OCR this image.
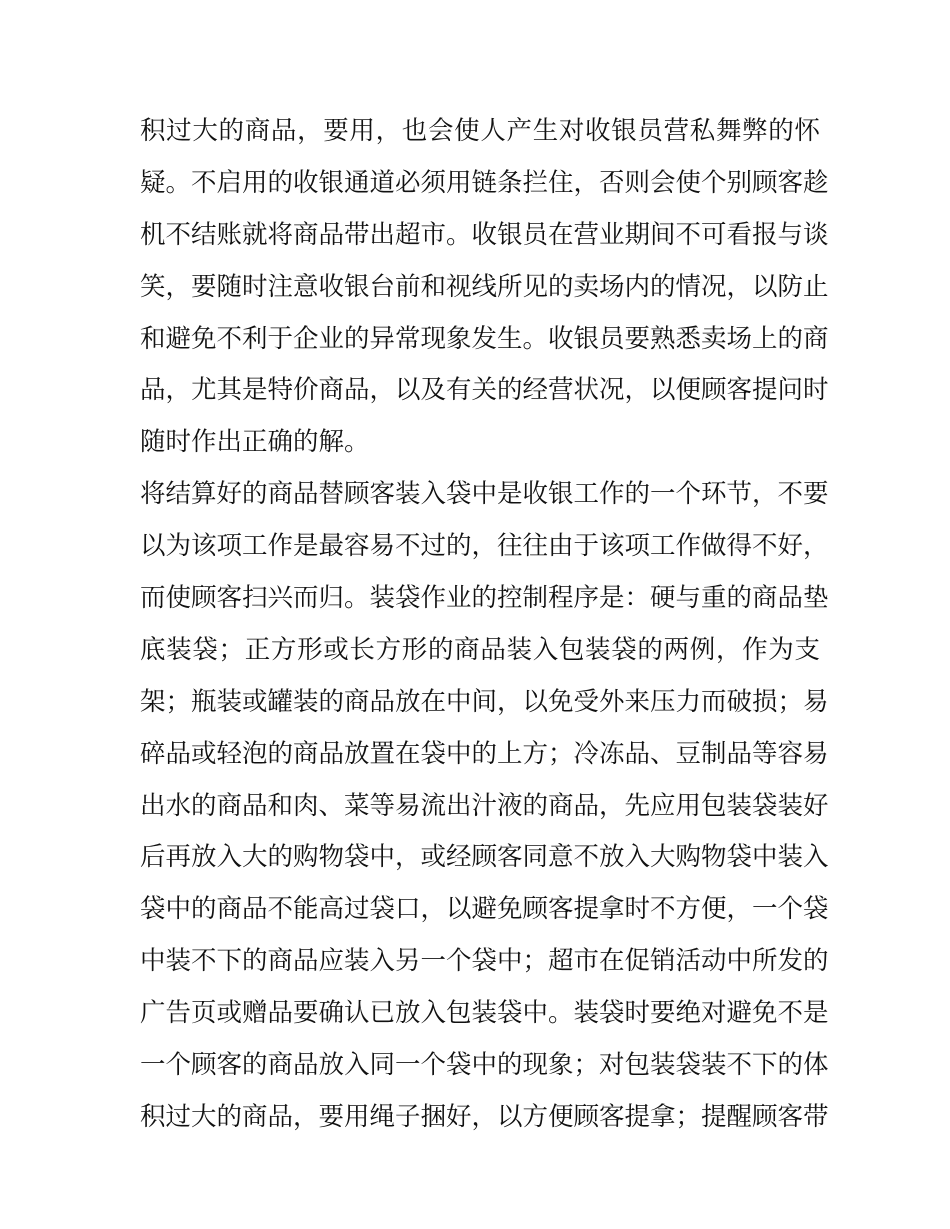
积过大的商品，要用，也会使人产生对收银员营私舞弊的怀
疑。不启用的收银通道必须用链条拦住，否则会使个别顾客趁
机不结账就将商品带出超市。收银员在营业期间不可看报与谈
笑，要随时注意收银台前和视线所见的卖场内的情况，以防止
和避免不利于企业的异常现象发生。收银员要熟悉卖场上的商
品，尤其是特价商品，以及有关的经营状况，以便顾客提问时
随时作出正确的解。
将结算好的商品替顾客装入袋中是收银工作的一个环节，不要
以为该项工作是最容易不过的，往往由于该项工作做得不好，
而使顾客扫兴而归。装袋作业的控制程序是：硬与重的商品垫
底装袋；正方形或长方形的商品装入包装袋的两例，作为支
架；瓶装或罐装的商品放在中间，以免受外来压力而破损；易
碎品或轻泡的商品放置在袋中的上方；冷冻品、豆制品等容易
出水的商品和肉、菜等易流出汁液的商品，先应用包装袋装好
后再放入大的购物袋中，或经顾客同意不放入大购物袋中装入
袋中的商品不能高过袋口，以避免顾客提拿时不方便，一个袋
中装不下的商品应装入另一个袋中；超市在促销活动中所发的
广告页或赠品要确认已放入包装袋中。装袋时要绝对避免不是
一个顾客的商品放入同一个袋中的现象；对包装袋装不下的体
积过大的商品，要用绳子捆好，以方便顾客提拿；提醒顾客带
